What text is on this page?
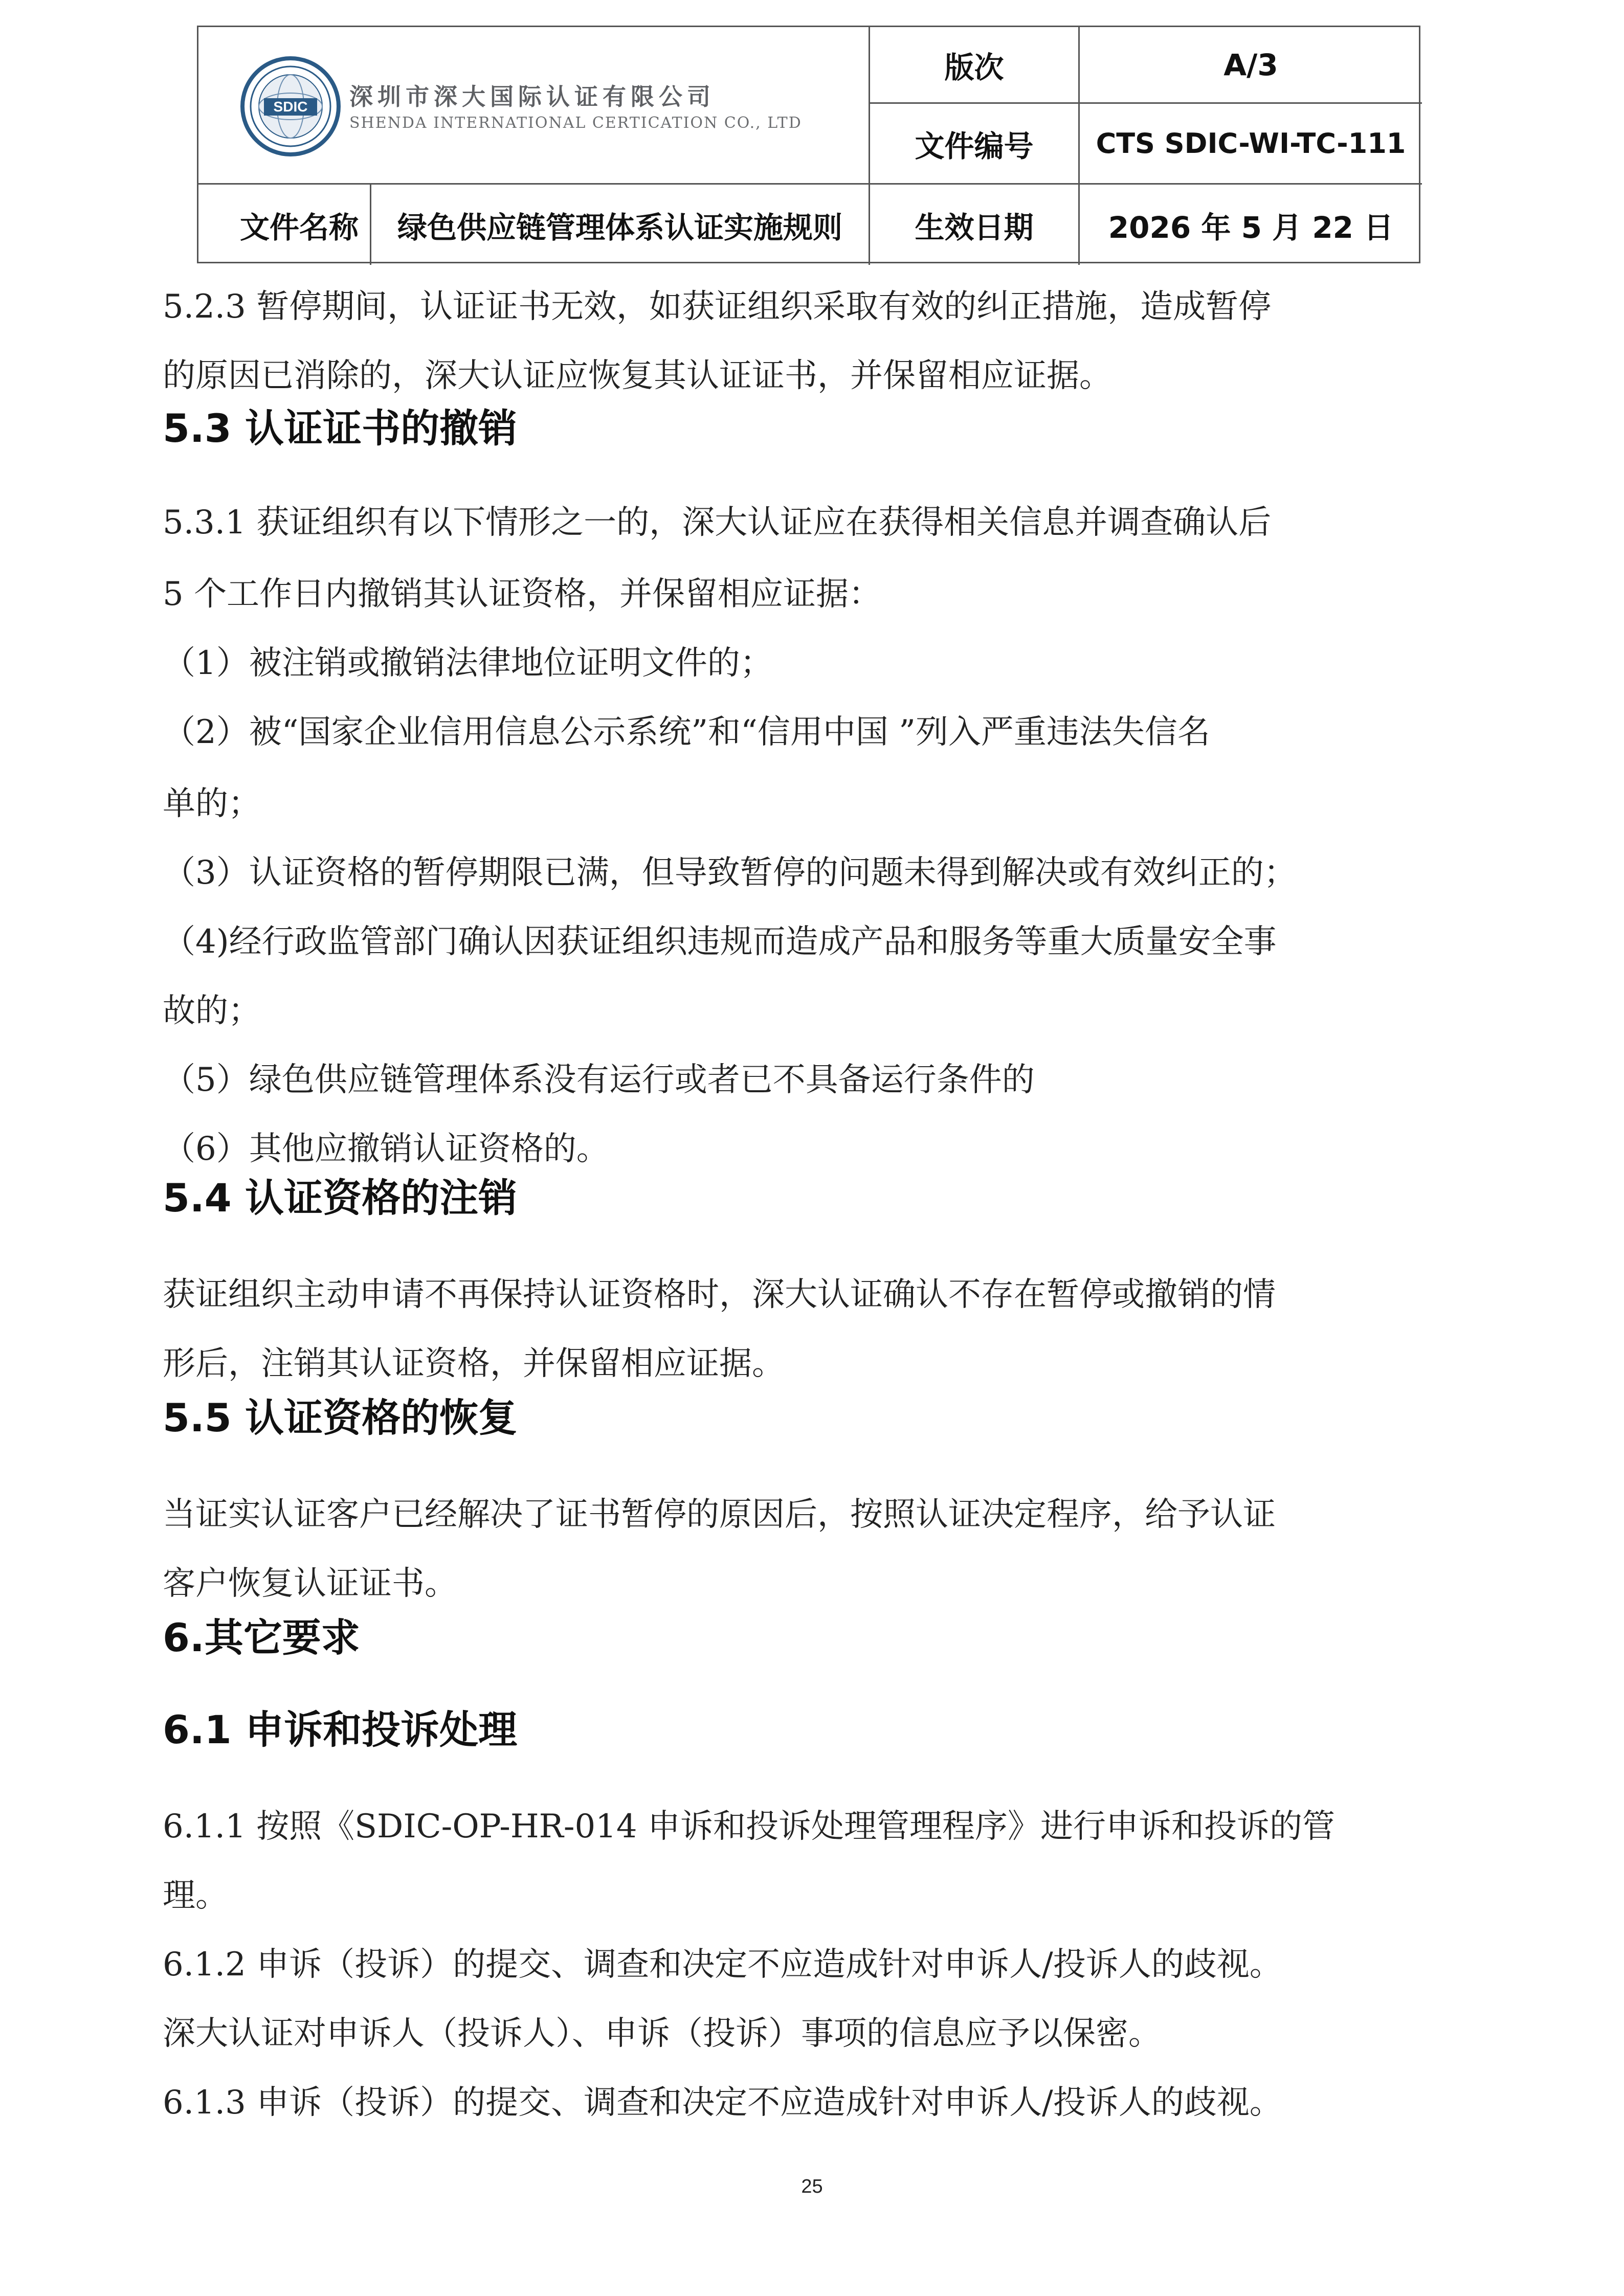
SDIC 深圳市深大国际认证有限公司
SHENDA INTERNATIONAL CERTICATION CO., LTD
版次	A/3
文件编号	CTS SDIC-WI-TC-111
文件名称	绿色供应链管理体系认证实施规则	生效日期	2026 年 5 月 22 日
5.2.3 暂停期间，认证证书无效，如获证组织采取有效的纠正措施，造成暂停
的原因已消除的，深大认证应恢复其认证证书，并保留相应证据。
5.3 认证证书的撤销
5.3.1 获证组织有以下情形之一的，深大认证应在获得相关信息并调查确认后
5 个工作日内撤销其认证资格，并保留相应证据：
（1）被注销或撤销法律地位证明文件的；
（2）被“国家企业信用信息公示系统”和“信用中国 ”列入严重违法失信名
单的；
（3）认证资格的暂停期限已满，但导致暂停的问题未得到解决或有效纠正的；
（4)经行政监管部门确认因获证组织违规而造成产品和服务等重大质量安全事
故的；
（5）绿色供应链管理体系没有运行或者已不具备运行条件的
（6）其他应撤销认证资格的。
5.4 认证资格的注销
获证组织主动申请不再保持认证资格时，深大认证确认不存在暂停或撤销的情
形后，注销其认证资格，并保留相应证据。
5.5 认证资格的恢复
当证实认证客户已经解决了证书暂停的原因后，按照认证决定程序，给予认证
客户恢复认证证书。
6.其它要求
6.1 申诉和投诉处理
6.1.1 按照《SDIC-OP-HR-014 申诉和投诉处理管理程序》进行申诉和投诉的管
理。
6.1.2 申诉（投诉）的提交、调查和决定不应造成针对申诉人/投诉人的歧视。
深大认证对申诉人（投诉人）、申诉（投诉）事项的信息应予以保密。
6.1.3 申诉（投诉）的提交、调查和决定不应造成针对申诉人/投诉人的歧视。
25
